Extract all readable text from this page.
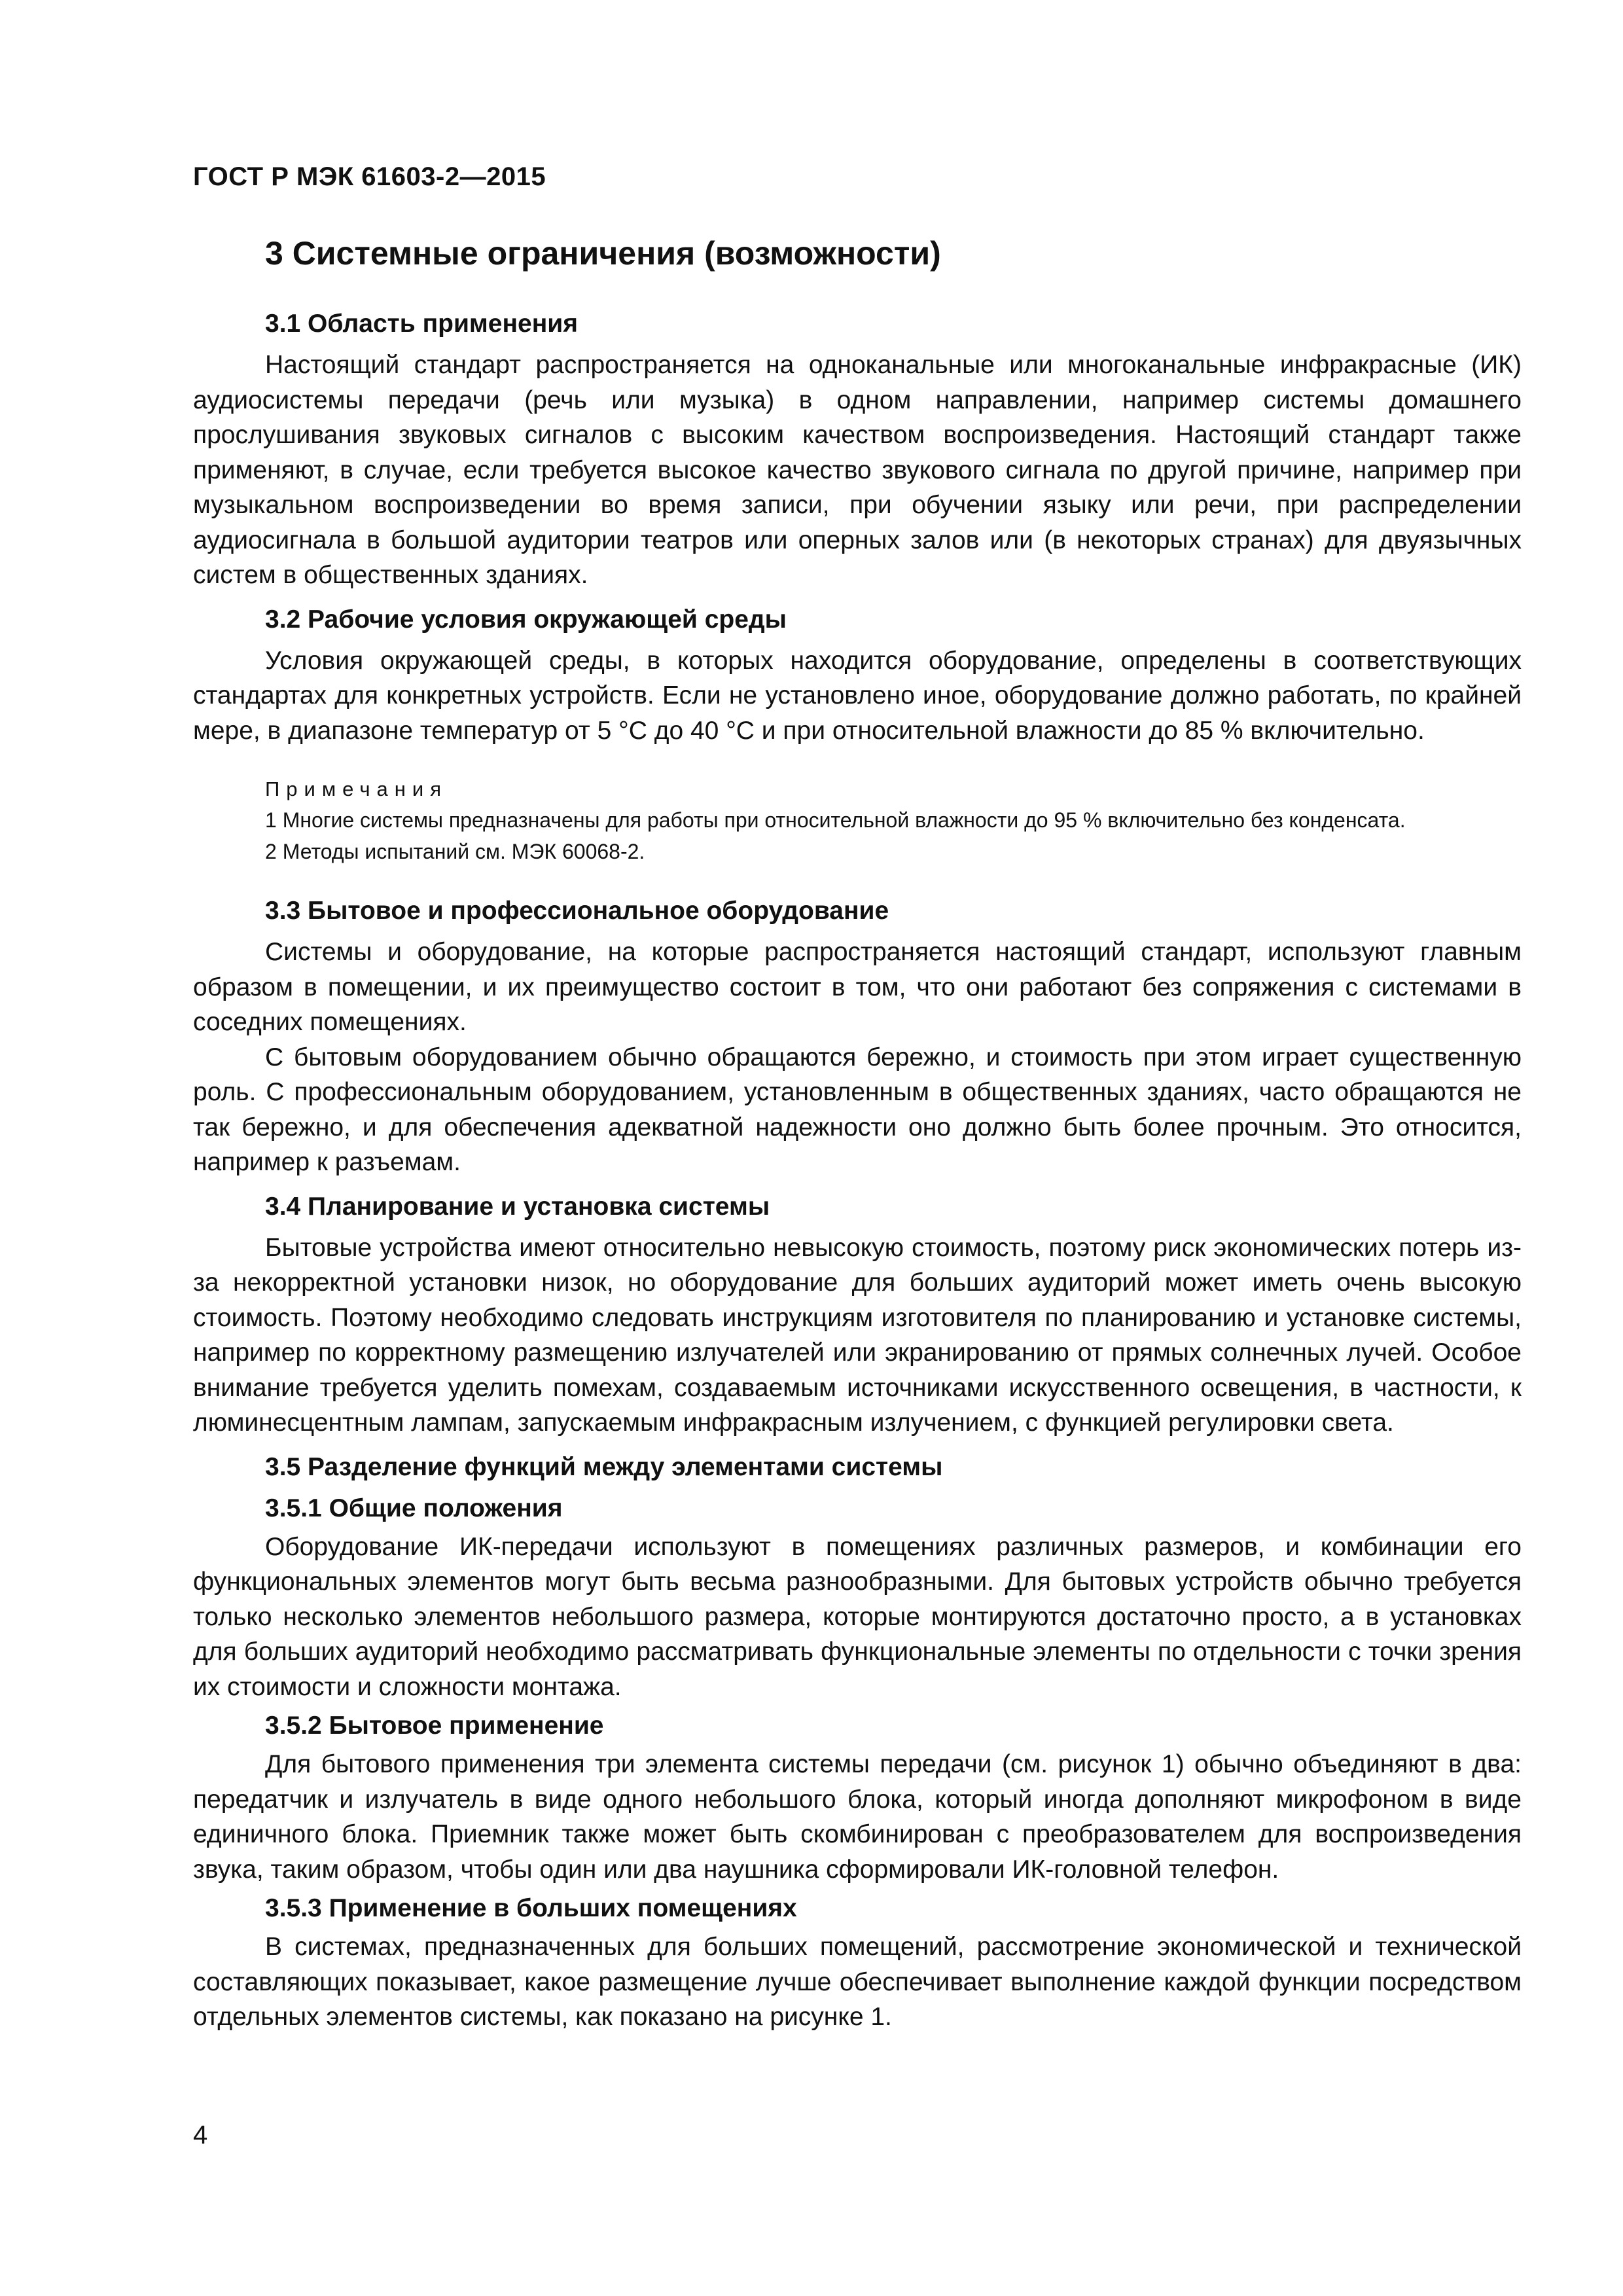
ГОСТ Р МЭК 61603-2—2015
3 Системные ограничения (возможности)
3.1 Область применения

Настоящий стандарт распространяется на одноканальные или многоканальные инфракрасные (ИК) аудиосистемы передачи (речь или музыка) в одном направлении, например системы домашнего прослушивания звуковых сигналов с высоким качеством воспроизведения. Настоящий стандарт также применяют, в случае, если требуется высокое качество звукового сигнала по другой причине, например при музыкальном воспроизведении во время записи, при обучении языку или речи, при распределении аудиосигнала в большой аудитории театров или оперных залов или (в некоторых странах) для двуязычных систем в общественных зданиях.

3.2 Рабочие условия окружающей среды

Условия окружающей среды, в которых находится оборудование, определены в соответствующих стандартах для конкретных устройств. Если не установлено иное, оборудование должно работать, по крайней мере, в диапазоне температур от 5 °C до 40 °C и при относительной влажности до 85 % включительно.

Примечания

1 Многие системы предназначены для работы при относительной влажности до 95 % включительно без конденсата.

2 Методы испытаний см. МЭК 60068-2.

3.3 Бытовое и профессиональное оборудование

Системы и оборудование, на которые распространяется настоящий стандарт, используют главным образом в помещении, и их преимущество состоит в том, что они работают без сопряжения с системами в соседних помещениях.

С бытовым оборудованием обычно обращаются бережно, и стоимость при этом играет существенную роль. С профессиональным оборудованием, установленным в общественных зданиях, часто обращаются не так бережно, и для обеспечения адекватной надежности оно должно быть более прочным. Это относится, например к разъемам.

3.4 Планирование и установка системы

Бытовые устройства имеют относительно невысокую стоимость, поэтому риск экономических потерь из-за некорректной установки низок, но оборудование для больших аудиторий может иметь очень высокую стоимость. Поэтому необходимо следовать инструкциям изготовителя по планированию и установке системы, например по корректному размещению излучателей или экранированию от прямых солнечных лучей. Особое внимание требуется уделить помехам, создаваемым источниками искусственного освещения, в частности, к люминесцентным лампам, запускаемым инфракрасным излучением, с функцией регулировки света.

3.5 Разделение функций между элементами системы
3.5.1 Общие положения

Оборудование ИК-передачи используют в помещениях различных размеров, и комбинации его функциональных элементов могут быть весьма разнообразными. Для бытовых устройств обычно требуется только несколько элементов небольшого размера, которые монтируются достаточно просто, а в установках для больших аудиторий необходимо рассматривать функциональные элементы по отдельности с точки зрения их стоимости и сложности монтажа.

3.5.2 Бытовое применение

Для бытового применения три элемента системы передачи (см. рисунок 1) обычно объединяют в два: передатчик и излучатель в виде одного небольшого блока, который иногда дополняют микрофоном в виде единичного блока. Приемник также может быть скомбинирован с преобразователем для воспроизведения звука, таким образом, чтобы один или два наушника сформировали ИК-головной телефон.

3.5.3 Применение в больших помещениях

В системах, предназначенных для больших помещений, рассмотрение экономической и технической составляющих показывает, какое размещение лучше обеспечивает выполнение каждой функции посредством отдельных элементов системы, как показано на рисунке 1.

4
